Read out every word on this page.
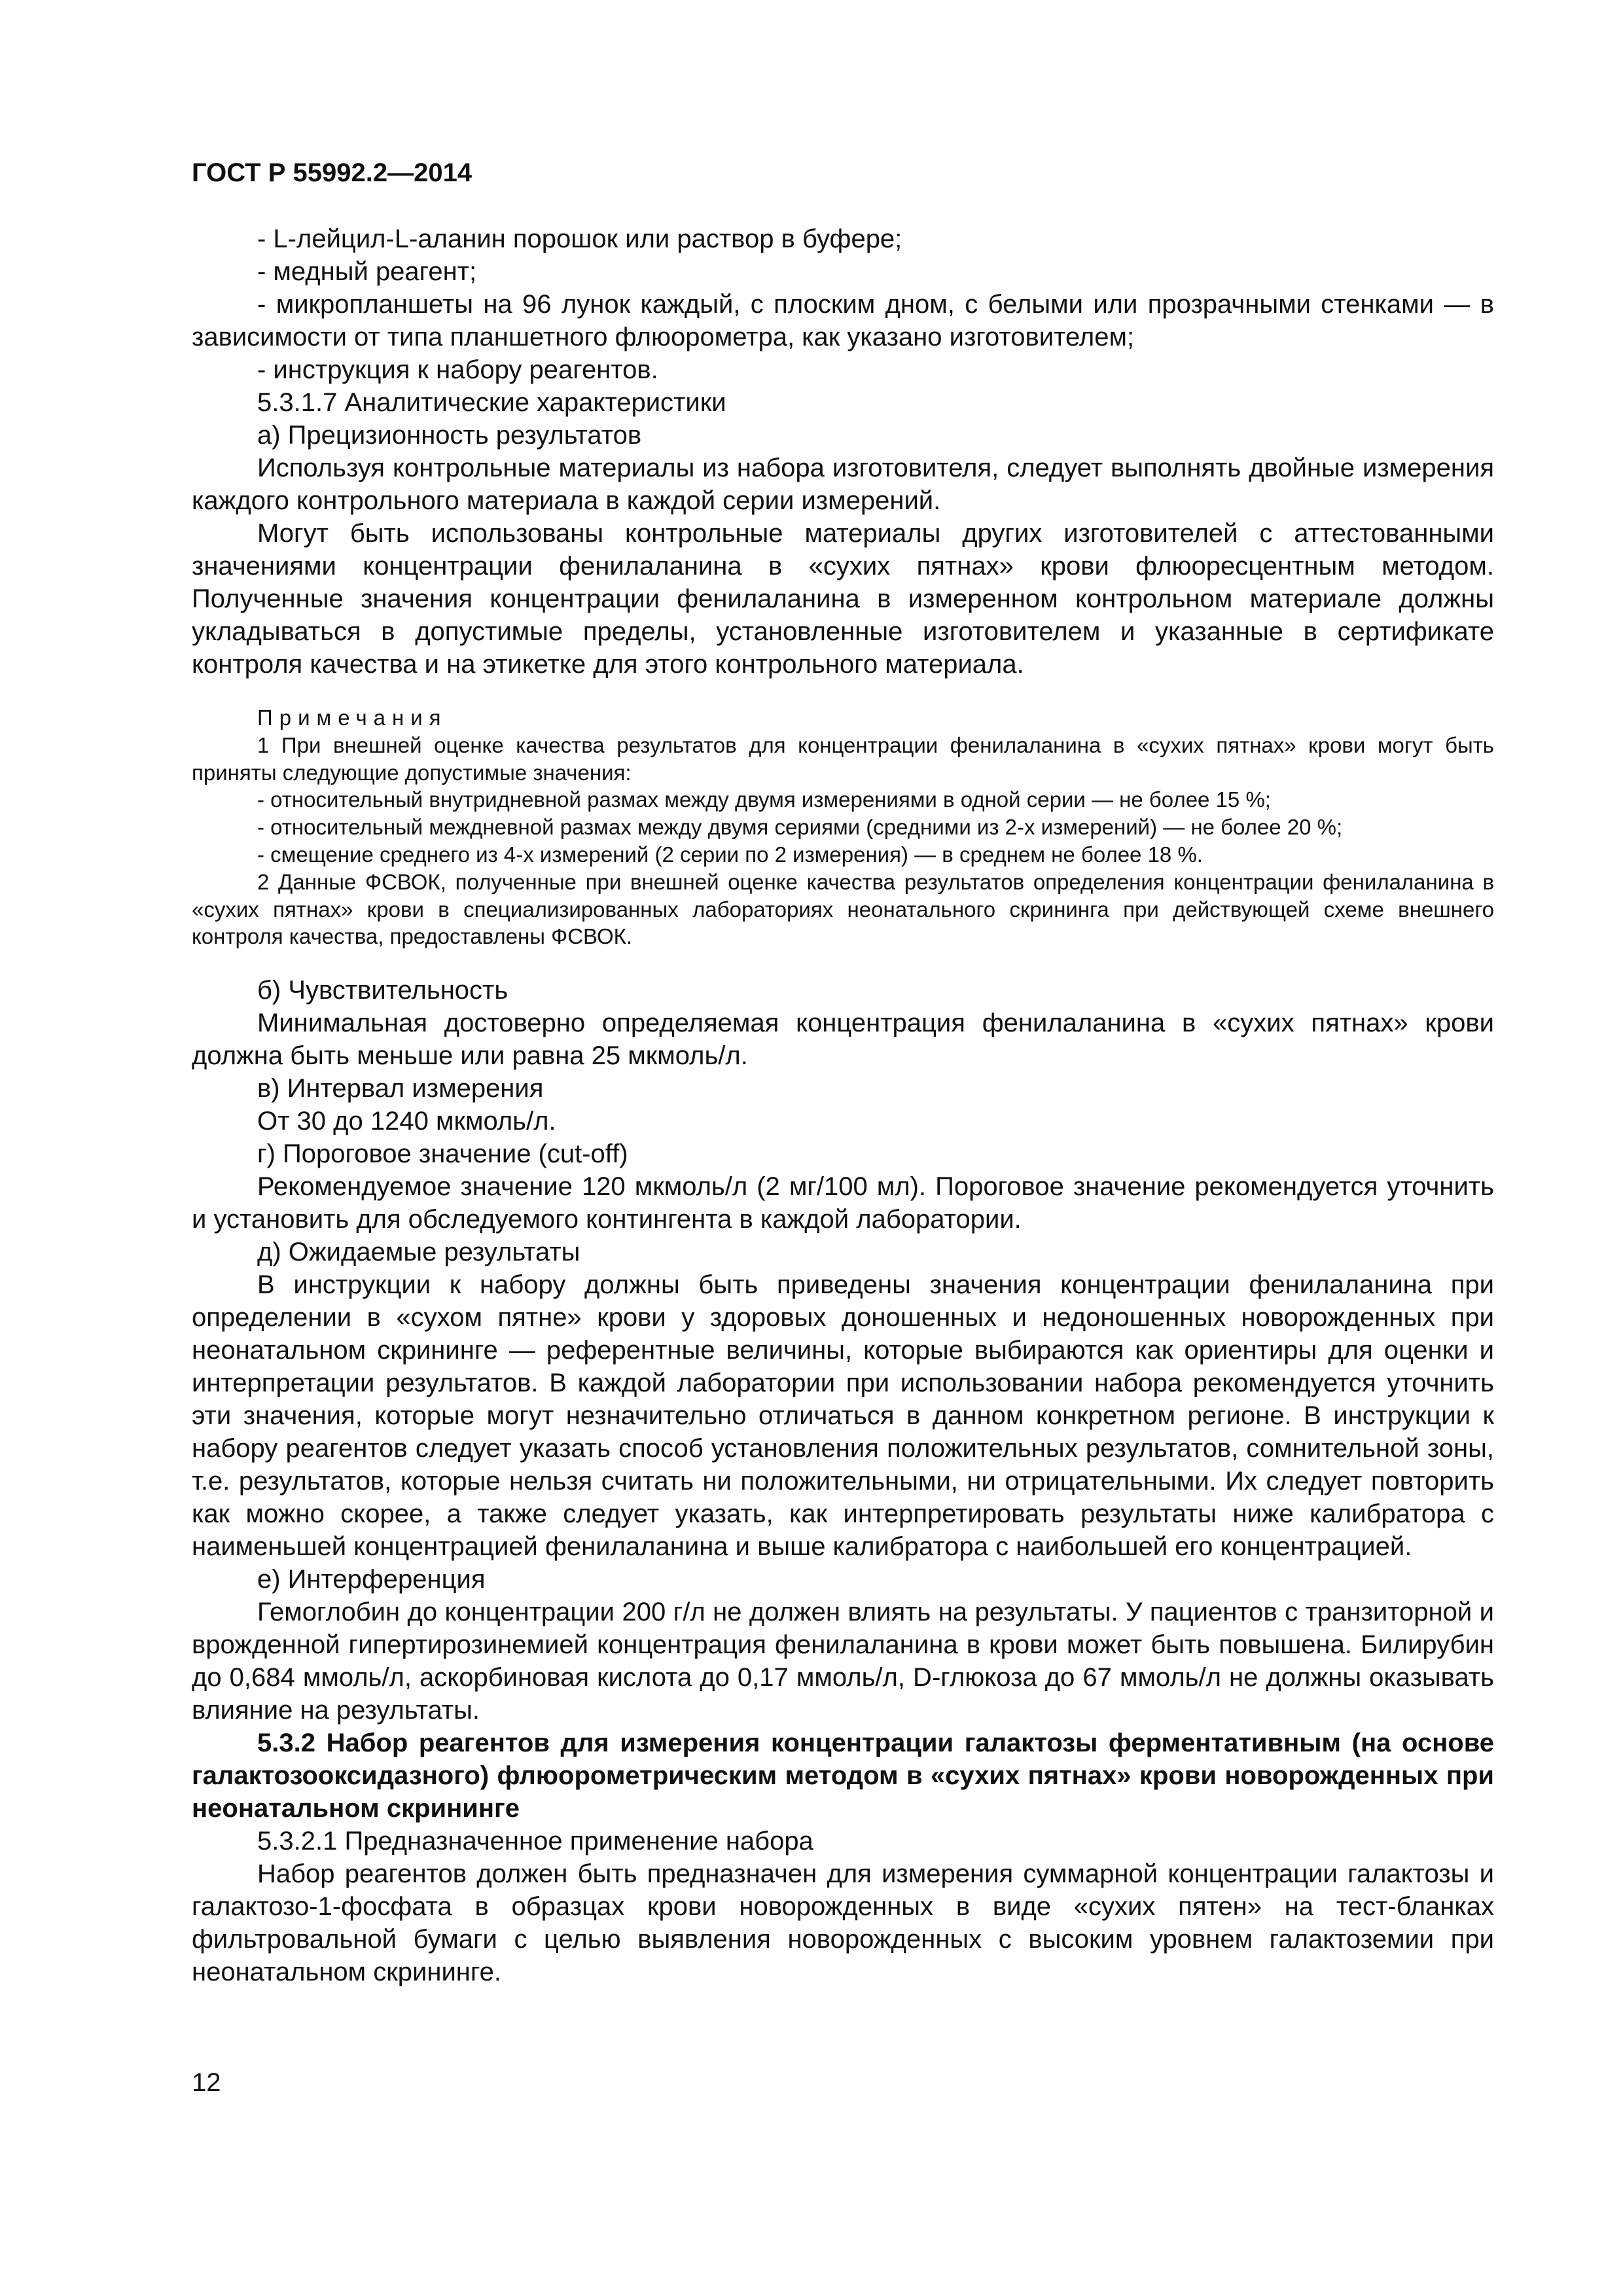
ГОСТ Р 55992.2—2014

- L-лейцил-L-аланин порошок или раствор в буфере;

- медный реагент;

- микропланшеты на 96 лунок каждый, с плоским дном, с белыми или прозрачными стенками — в зависимости от типа планшетного флюорометра, как указано изготовителем;

- инструкция к набору реагентов.

5.3.1.7 Аналитические характеристики

а) Прецизионность результатов

Используя контрольные материалы из набора изготовителя, следует выполнять двойные измерения каждого контрольного материала в каждой серии измерений.

Могут быть использованы контрольные материалы других изготовителей с аттестованными значениями концентрации фенилаланина в «сухих пятнах» крови флюоресцентным методом. Полученные значения концентрации фенилаланина в измеренном контрольном материале должны укладываться в допустимые пределы, установленные изготовителем и указанные в сертификате контроля качества и на этикетке для этого контрольного материала.

Примечания

1 При внешней оценке качества результатов для концентрации фенилаланина в «сухих пятнах» крови могут быть приняты следующие допустимые значения:

- относительный внутридневной размах между двумя измерениями в одной серии — не более 15 %;

- относительный междневной размах между двумя сериями (средними из 2-х измерений) — не более 20 %;

- смещение среднего из 4-х измерений (2 серии по 2 измерения) — в среднем не более 18 %.

2 Данные ФСВОК, полученные при внешней оценке качества результатов определения концентрации фенилаланина в «сухих пятнах» крови в специализированных лабораториях неонатального скрининга при действующей схеме внешнего контроля качества, предоставлены ФСВОК.

б) Чувствительность

Минимальная достоверно определяемая концентрация фенилаланина в «сухих пятнах» крови должна быть меньше или равна 25 мкмоль/л.

в) Интервал измерения

От 30 до 1240 мкмоль/л.

г) Пороговое значение (cut-off)

Рекомендуемое значение 120 мкмоль/л (2 мг/100 мл). Пороговое значение рекомендуется уточнить и установить для обследуемого контингента в каждой лаборатории.

д) Ожидаемые результаты

В инструкции к набору должны быть приведены значения концентрации фенилаланина при определении в «сухом пятне» крови у здоровых доношенных и недоношенных новорожденных при неонатальном скрининге — референтные величины, которые выбираются как ориентиры для оценки и интерпретации результатов. В каждой лаборатории при использовании набора рекомендуется уточнить эти значения, которые могут незначительно отличаться в данном конкретном регионе. В инструкции к набору реагентов следует указать способ установления положительных результатов, сомнительной зоны, т.е. результатов, которые нельзя считать ни положительными, ни отрицательными. Их следует повторить как можно скорее, а также следует указать, как интерпретировать результаты ниже калибратора с наименьшей концентрацией фенилаланина и выше калибратора с наибольшей его концентрацией.

е) Интерференция

Гемоглобин до концентрации 200 г/л не должен влиять на результаты. У пациентов с транзиторной и врожденной гипертирозинемией концентрация фенилаланина в крови может быть повышена. Билирубин до 0,684 ммоль/л, аскорбиновая кислота до 0,17 ммоль/л, D-глюкоза до 67 ммоль/л не должны оказывать влияние на результаты.

5.3.2 Набор реагентов для измерения концентрации галактозы ферментативным (на основе галактозооксидазного) флюорометрическим методом в «сухих пятнах» крови новорожденных при неонатальном скрининге

5.3.2.1 Предназначенное применение набора

Набор реагентов должен быть предназначен для измерения суммарной концентрации галактозы и галактозо-1-фосфата в образцах крови новорожденных в виде «сухих пятен» на тест-бланках фильтровальной бумаги с целью выявления новорожденных с высоким уровнем галактоземии при неонатальном скрининге.

12
